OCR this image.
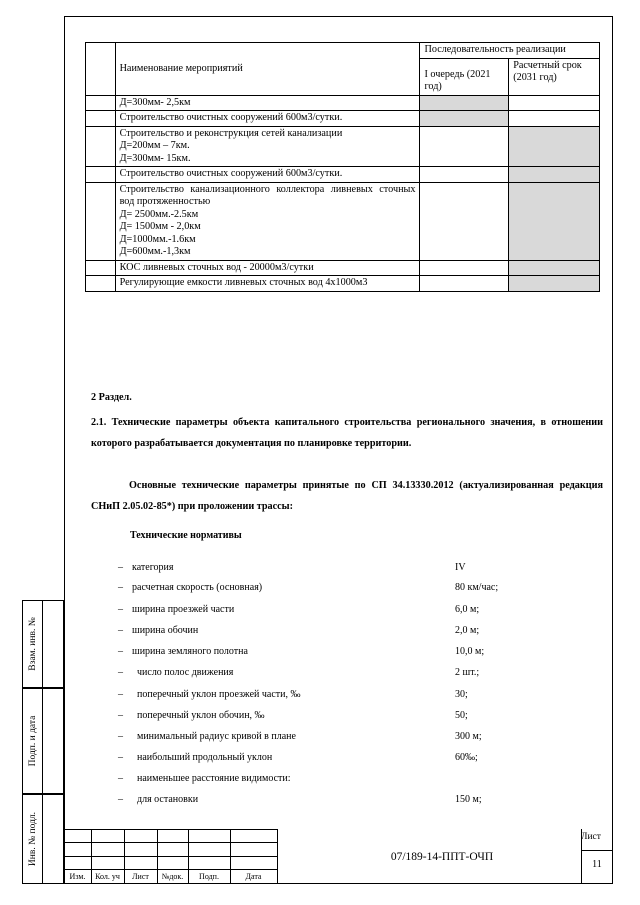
Взам. инв. №
Подп. и дата
Инв. № подл.
	Наименование мероприятий	Последовательность реализации	
		I очередь (2021 год)	Расчетный срок (2031 год)

	Д=300мм- 2,5км		

	Строительство очистных сооружений 600м3/сутки.		

	Строительство и реконструкция сетей канализации
Д=200мм – 7км.
Д=300мм- 15км.		

	Строительство очистных сооружений 600м3/сутки.		

	Строительство канализационного коллектора ливневых сточных вод протяженностью
Д= 2500мм.-2.5км
Д= 1500мм - 2,0км
Д=1000мм.-1.6км
Д=600мм.-1,3км		

	КОС ливневых сточных вод - 20000м3/сутки		

	Регулирующие емкости ливневых сточных вод 4х1000м3		

2 Раздел.
2.1. Технические параметры объекта капитального строительства регионального значения, в отношении которого разрабатывается документация по планировке территории.
Основные технические параметры принятые по СП 34.13330.2012 (актуализированная редакция СНиП 2.05.02-85*) при проложении трассы:
Технические нормативы
– категория	IV
– расчетная скорость (основная)	80 км/час;
– ширина проезжей части	6,0 м;
– ширина обочин	2,0 м;
– ширина земляного полотна	10,0 м;
– число полос движения	2 шт.;
– поперечный уклон проезжей части, ‰	30;
– поперечный уклон обочин, ‰	50;
– минимальный радиус кривой в плане	300 м;
– наибольший продольный уклон	60‰;
– наименьшее расстояние видимости:
– для остановки	150 м;
Изм.	Кол. уч	Лист	№док.	Подп.	Дата
07/189-14-ППТ-ОЧП
Лист
11
